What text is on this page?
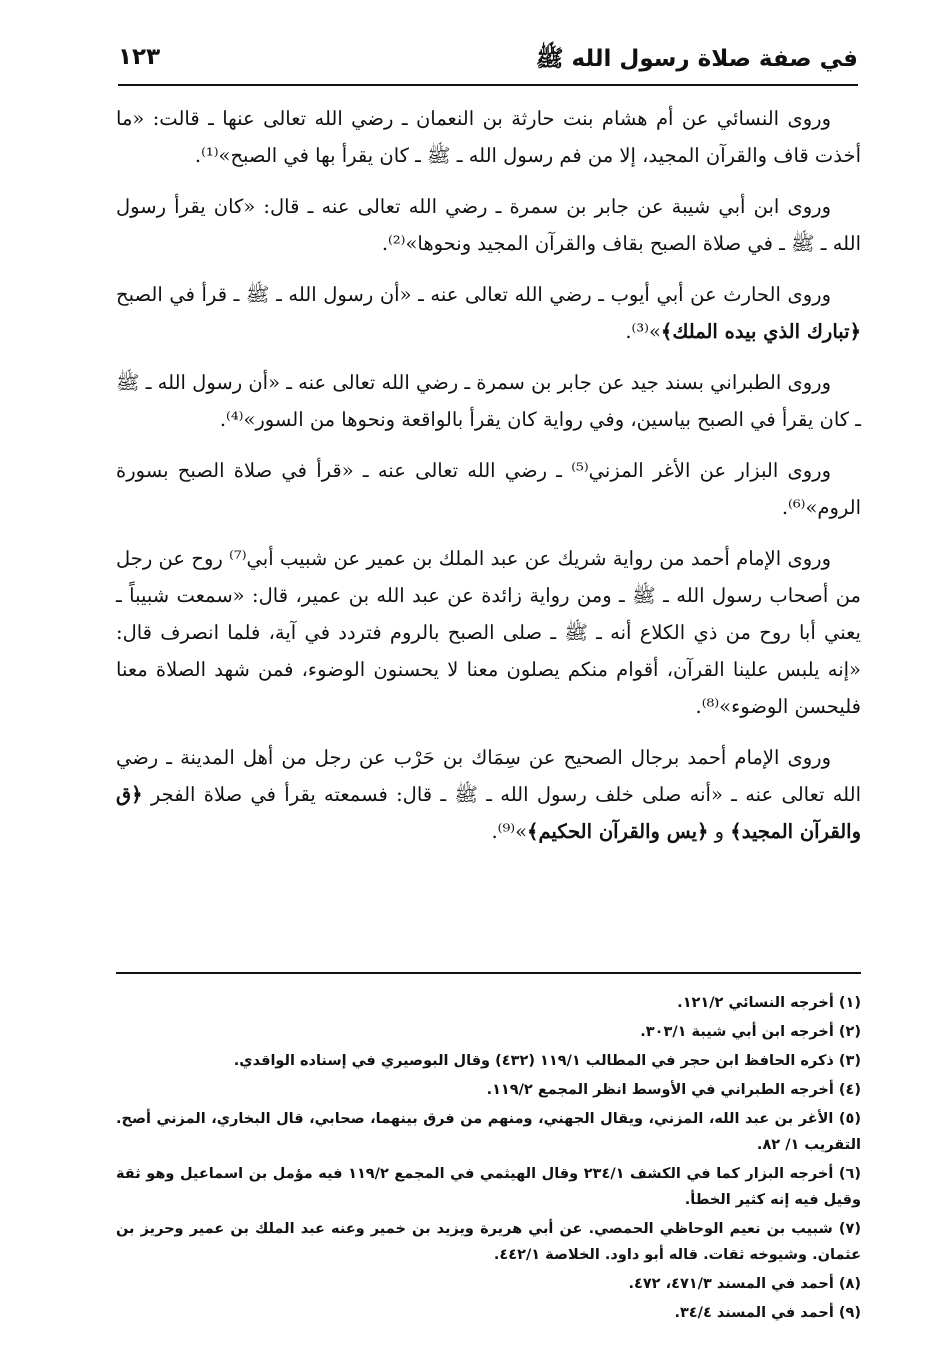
في صفة صلاة رسول الله ﷺ
١٢٣

وروى النسائي عن أم هشام بنت حارثة بن النعمان ـ رضي الله تعالى عنها ـ قالت: «ما أخذت قاف والقرآن المجيد، إلا من فم رسول الله ـ ﷺ ـ كان يقرأ بها في الصبح»⁽¹⁾.

وروى ابن أبي شيبة عن جابر بن سمرة ـ رضي الله تعالى عنه ـ قال: «كان يقرأ رسول الله ـ ﷺ ـ في صلاة الصبح بقاف والقرآن المجيد ونحوها»⁽²⁾.

وروى الحارث عن أبي أيوب ـ رضي الله تعالى عنه ـ «أن رسول الله ـ ﷺ ـ قرأ في الصبح ﴿تبارك الذي بيده الملك﴾»⁽³⁾.

وروى الطبراني بسند جيد عن جابر بن سمرة ـ رضي الله تعالى عنه ـ «أن رسول الله ـ ﷺ ـ كان يقرأ في الصبح بياسين، وفي رواية كان يقرأ بالواقعة ونحوها من السور»⁽⁴⁾.

وروى البزار عن الأغر المزني⁽⁵⁾ ـ رضي الله تعالى عنه ـ «قرأ في صلاة الصبح بسورة الروم»⁽⁶⁾.

وروى الإمام أحمد من رواية شريك عن عبد الملك بن عمير عن شبيب أبي⁽⁷⁾ روح عن رجل من أصحاب رسول الله ـ ﷺ ـ ومن رواية زائدة عن عبد الله بن عمير، قال: «سمعت شبيباً ـ يعني أبا روح من ذي الكلاع أنه ـ ﷺ ـ صلى الصبح بالروم فتردد في آية، فلما انصرف قال: «إنه يلبس علينا القرآن، أقوام منكم يصلون معنا لا يحسنون الوضوء، فمن شهد الصلاة معنا فليحسن الوضوء»⁽⁸⁾.

وروى الإمام أحمد برجال الصحيح عن سِمَاك بن حَرْب عن رجل من أهل المدينة ـ رضي الله تعالى عنه ـ «أنه صلى خلف رسول الله ـ ﷺ ـ قال: فسمعته يقرأ في صلاة الفجر ﴿ق والقرآن المجيد﴾ و ﴿يس والقرآن الحكيم﴾»⁽⁹⁾.

(١) أخرجه النسائي ١٢١/٢.

(٢) أخرجه ابن أبي شيبة ٣٠٣/١.

(٣) ذكره الحافظ ابن حجر في المطالب ١١٩/١ (٤٣٢) وقال البوصيري في إسناده الواقدي.

(٤) أخرجه الطبراني في الأوسط انظر المجمع ١١٩/٢.

(٥) الأغر بن عبد الله، المزني، ويقال الجهني، ومنهم من فرق بينهما، صحابي، قال البخاري، المزني أصح. التقريب ١/ ٨٢.

(٦) أخرجه البزار كما في الكشف ٢٣٤/١ وقال الهيثمي في المجمع ١١٩/٢ فيه مؤمل بن اسماعيل وهو ثقة وقيل فيه إنه كثير الخطأ.

(٧) شبيب بن نعيم الوحاظي الحمصي. عن أبي هريرة ويزيد بن خمير وعنه عبد الملك بن عمير وحريز بن عثمان. وشيوخه ثقات. قاله أبو داود. الخلاصة ٤٤٢/١.

(٨) أحمد في المسند ٤٧١/٣، ٤٧٢.

(٩) أحمد في المسند ٣٤/٤.
